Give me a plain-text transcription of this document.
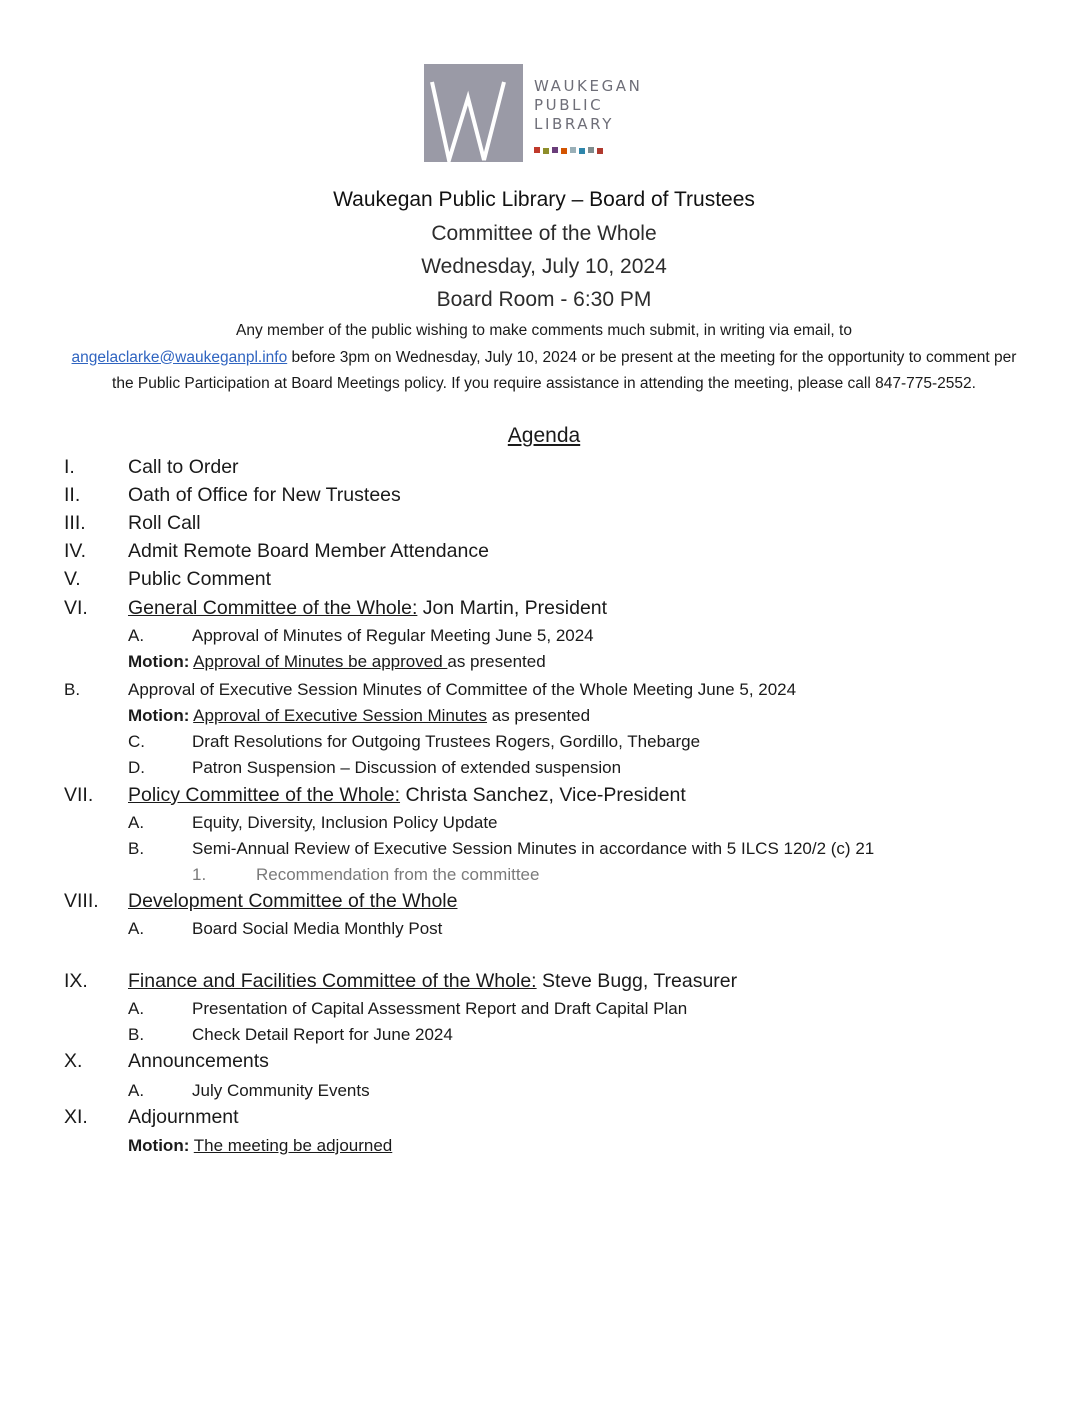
WAUKEGAN
PUBLIC
LIBRARY
Waukegan Public Library – Board of Trustees
Committee of the Whole
Wednesday, July 10, 2024
Board Room - 6:30 PM
Any member of the public wishing to make comments much submit, in writing via email, to
angelaclarke@waukeganpl.info before 3pm on Wednesday, July 10, 2024 or be present at the meeting for the opportunity to comment per the Public Participation at Board Meetings policy. If you require assistance in attending the meeting, please call 847-775-2552.
Agenda
I.	Call to Order
II. Oath of Office for New Trustees
III. Roll Call
IV. Admit Remote Board Member Attendance
V. Public Comment
VI. General Committee of the Whole: Jon Martin, President
A.	Approval of Minutes of Regular Meeting June 5, 2024
Motion: Approval of Minutes be approved as presented
B.	Approval of Executive Session Minutes of Committee of the Whole Meeting June 5, 2024
Motion: Approval of Executive Session Minutes as presented
C.	Draft Resolutions for Outgoing Trustees Rogers, Gordillo, Thebarge
D.	Patron Suspension – Discussion of extended suspension
VII. Policy Committee of the Whole: Christa Sanchez, Vice-President
A.	Equity, Diversity, Inclusion Policy Update
B.	Semi-Annual Review of Executive Session Minutes in accordance with 5 ILCS 120/2 (c) 21
1.	Recommendation from the committee
VIII. Development Committee of the Whole
A.	Board Social Media Monthly Post
IX. Finance and Facilities Committee of the Whole: Steve Bugg, Treasurer
A.	Presentation of Capital Assessment Report and Draft Capital Plan
B.	Check Detail Report for June 2024
X. Announcements
A.	July Community Events
XI. Adjournment
Motion: The meeting be adjourned
